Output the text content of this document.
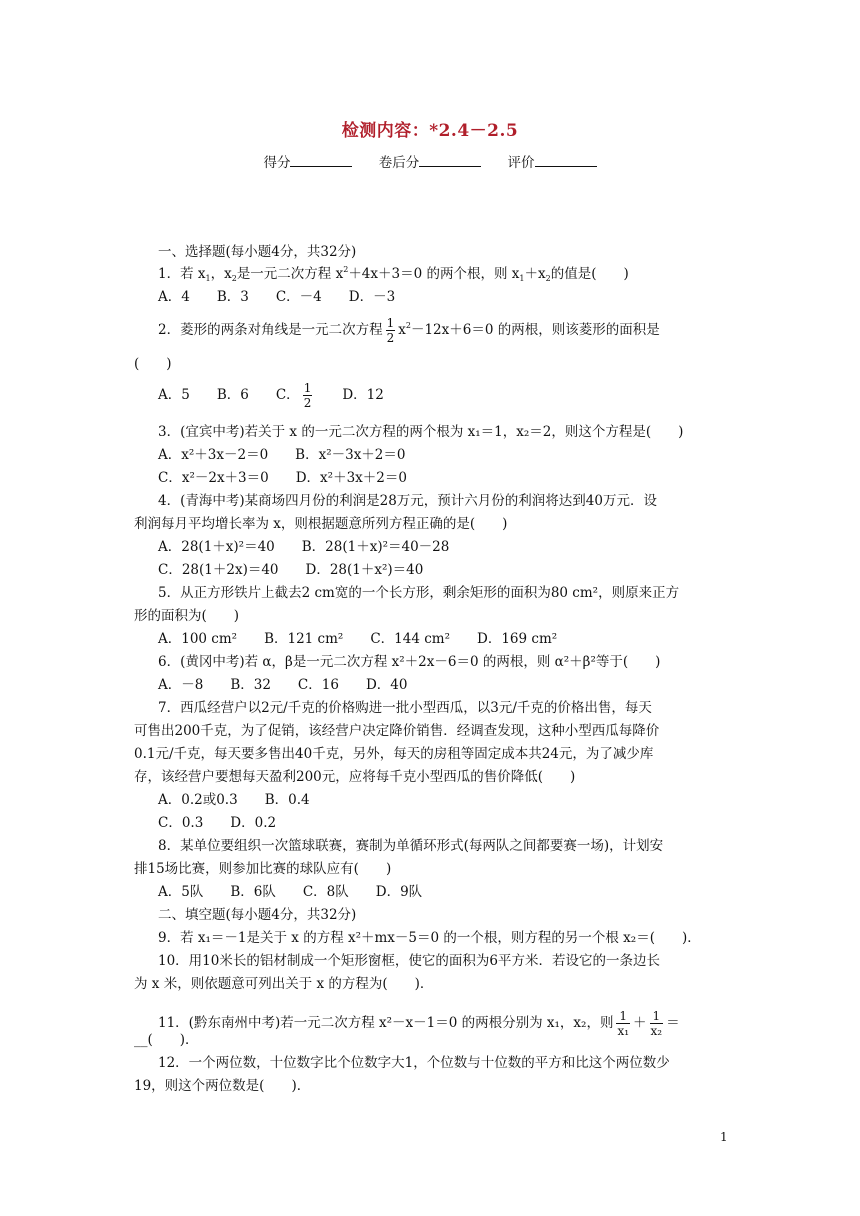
检测内容：*2.4－2.5
得分	卷后分	评价
一、选择题(每小题4分，共32分)
1．若 $x_1$，$x_2$是一元二次方程 $x^2+4x+3=0$ 的两个根，则 $x_1+x_2$的值是(　　)
A．4　　B．3　　C．－4　　D．－3
2．菱形的两条对角线是一元二次方程 $\frac{1}{2} x^2-12x+6=0$ 的两根，则该菱形的面积是
(　　)
A．5　　B．6　　C． $\frac{1}{2}$ 　　D．12
3．(宜宾中考)若关于 x 的一元二次方程的两个根为 x₁＝1，x₂＝2，则这个方程是(　　)
A．x²＋3x－2＝0　　B．x²－3x＋2＝0
C．x²－2x＋3＝0　　D．x²＋3x＋2＝0
4．(青海中考)某商场四月份的利润是28万元，预计六月份的利润将达到40万元．设
利润每月平均增长率为 x，则根据题意所列方程正确的是(　　)
A．28(1＋x)²＝40　　B．28(1＋x)²＝40－28
C．28(1＋2x)＝40　　D．28(1＋x²)＝40
5．从正方形铁片上截去2 cm宽的一个长方形，剩余矩形的面积为80 cm²，则原来正方
形的面积为(　　)
A．100 cm²　　B．121 cm²　　C．144 cm²　　D．169 cm²
6．(黄冈中考)若 α，β是一元二次方程 x²＋2x－6＝0 的两根，则 α²＋β²等于(　　)
A．－8　　B．32　　C．16　　D．40
7．西瓜经营户以2元/千克的价格购进一批小型西瓜，以3元/千克的价格出售，每天
可售出200千克，为了促销，该经营户决定降价销售．经调查发现，这种小型西瓜每降价
0.1元/千克，每天要多售出40千克，另外，每天的房租等固定成本共24元，为了减少库
存，该经营户要想每天盈利200元，应将每千克小型西瓜的售价降低(　　)
A．0.2或0.3　　B．0.4
C．0.3　　D．0.2
8．某单位要组织一次篮球联赛，赛制为单循环形式(每两队之间都要赛一场)，计划安
排15场比赛，则参加比赛的球队应有(　　)
A．5队　　B．6队　　C．8队　　D．9队
二、填空题(每小题4分，共32分)
9．若 x₁＝－1是关于 x 的方程 x²＋mx－5＝0 的一个根，则方程的另一个根 x₂＝(　　)．
10．用10米长的铝材制成一个矩形窗框，使它的面积为6平方米．若设它的一条边长
为 x 米，则依题意可列出关于 x 的方程为(　　)．
11．(黔东南州中考)若一元二次方程 x²－x－1＝0 的两根分别为 x₁，x₂，则 $\frac{1}{\text{x₁}} + \frac{1}{\text{x₂}}$ ＝
__(　　)．
12．一个两位数，十位数字比个位数字大1，个位数与十位数的平方和比这个两位数少
19，则这个两位数是(　　)．
1
